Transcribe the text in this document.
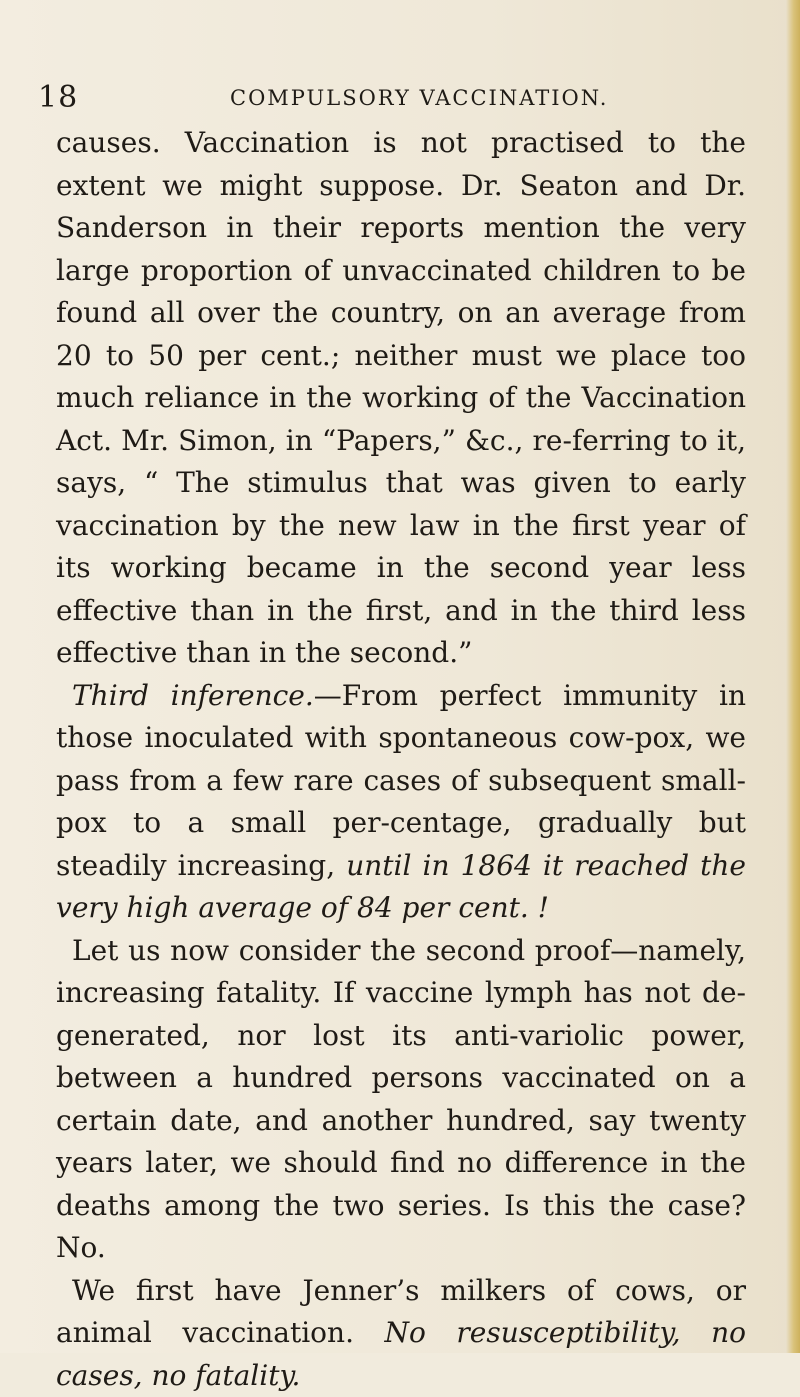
18	COMPULSORY VACCINATION.

causes. Vaccination is not practised to the extent we might suppose. Dr. Seaton and Dr. Sanderson in their reports mention the very large proportion of unvaccinated children to be found all over the country, on an average from 20 to 50 per cent.; neither must we place too much reliance in the working of the Vaccination Act. Mr. Simon, in “Papers,” &c., re-ferring to it, says, “ The stimulus that was given to early vaccination by the new law in the first year of its working became in the second year less effective than in the first, and in the third less effective than in the second.”

Third inference.—From perfect immunity in those inoculated with spontaneous cow-pox, we pass from a few rare cases of subsequent small-pox to a small per-centage, gradually but steadily increasing, until in 1864 it reached the very high average of 84 per cent. !

Let us now consider the second proof—namely, increasing fatality. If vaccine lymph has not de-generated, nor lost its anti-variolic power, between a hundred persons vaccinated on a certain date, and another hundred, say twenty years later, we should find no difference in the deaths among the two series. Is this the case? No.

We first have Jenner’s milkers of cows, or animal vaccination. No resusceptibility, no cases, no fatality.
